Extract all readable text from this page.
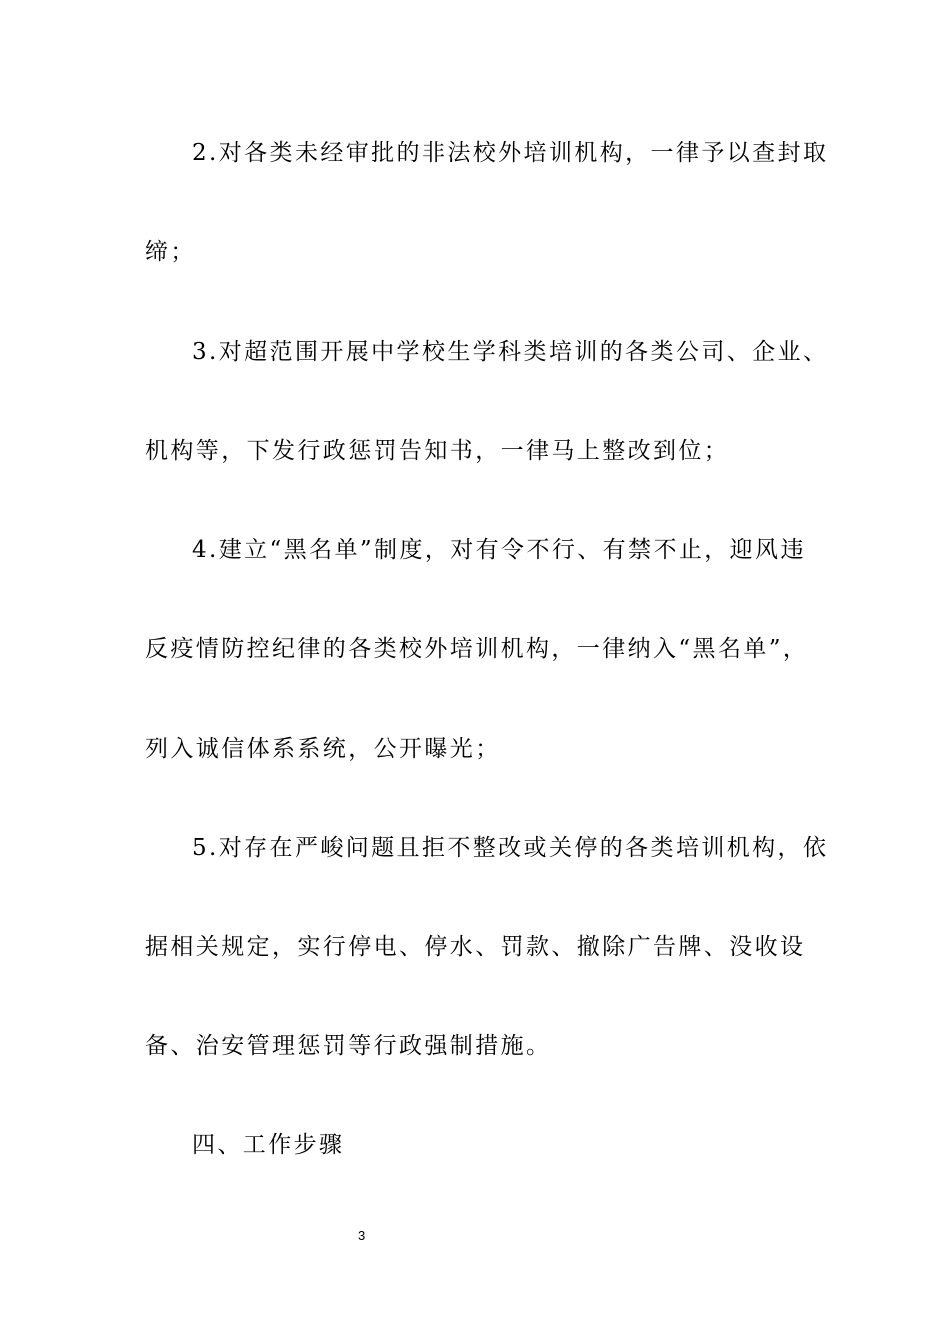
2.对各类未经审批的非法校外培训机构，一律予以查封取
缔；
3.对超范围开展中学校生学科类培训的各类公司、企业、
机构等，下发行政惩罚告知书，一律马上整改到位；
4.建立“黑名单”制度，对有令不行、有禁不止，迎风违
反疫情防控纪律的各类校外培训机构，一律纳入“黑名单”，
列入诚信体系系统，公开曝光；
5.对存在严峻问题且拒不整改或关停的各类培训机构，依
据相关规定，实行停电、停水、罚款、撤除广告牌、没收设
备、治安管理惩罚等行政强制措施。
四、工作步骤
3
